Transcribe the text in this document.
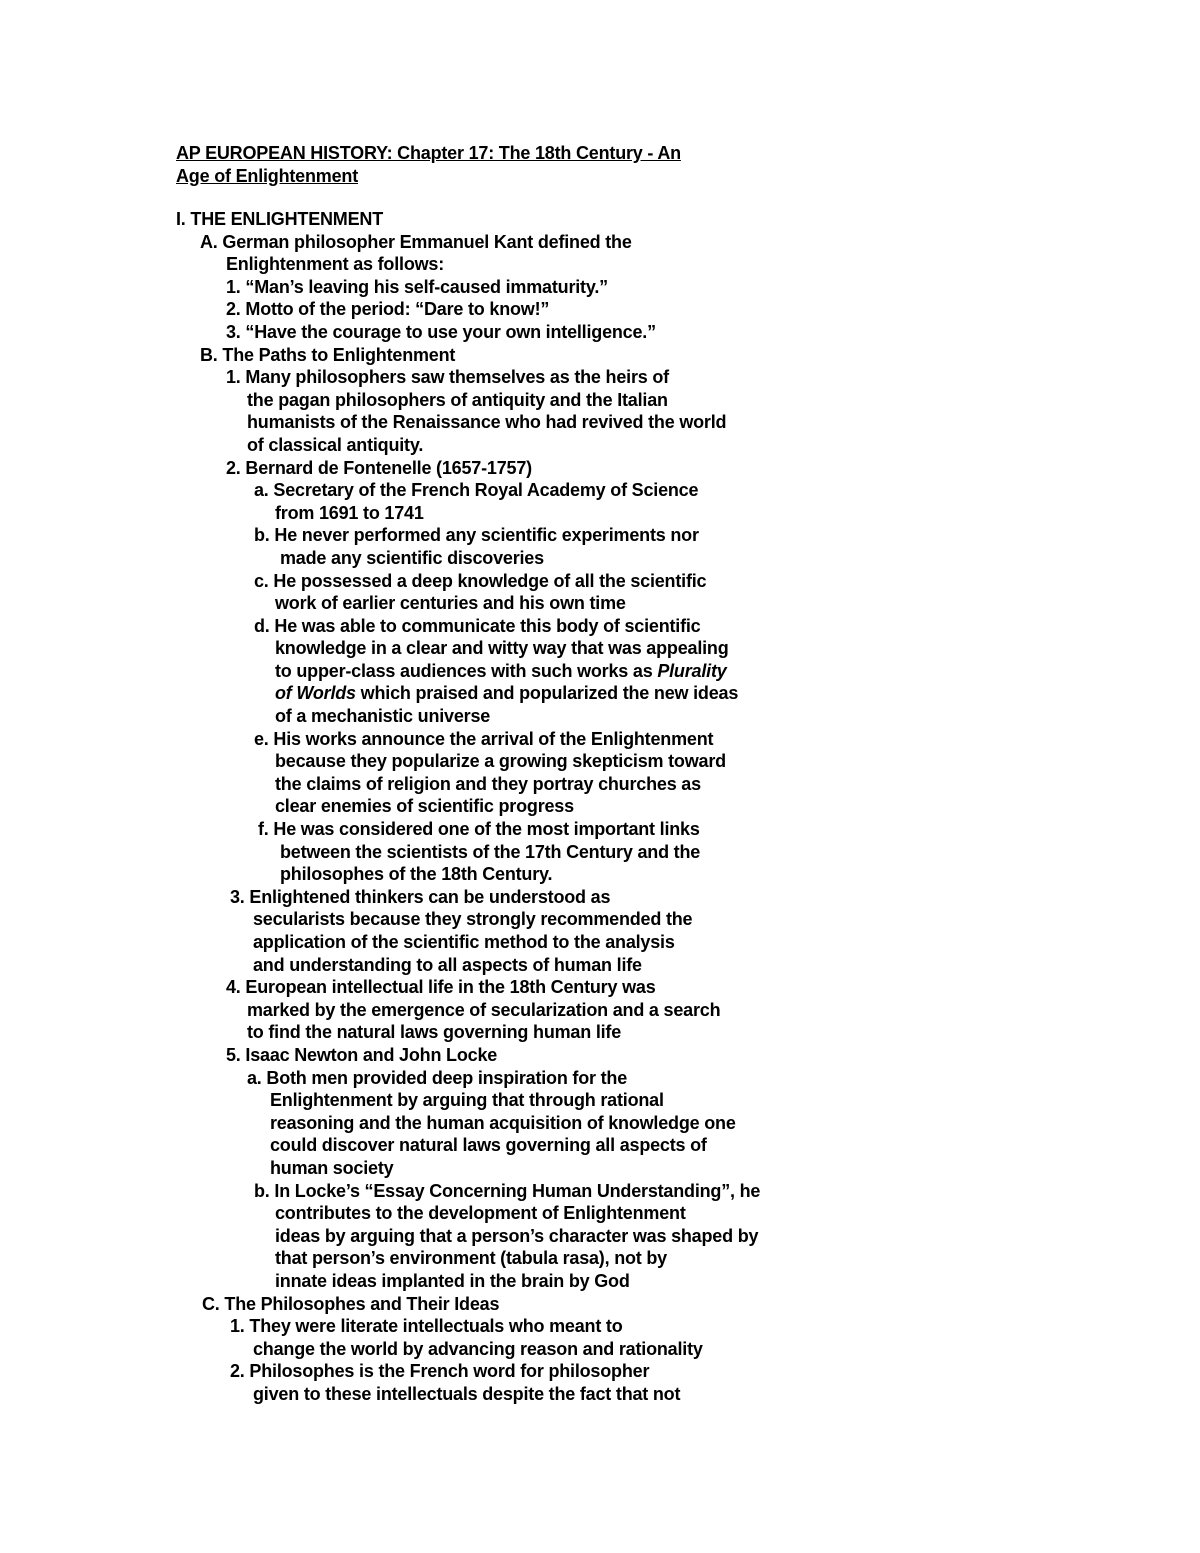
AP EUROPEAN HISTORY: Chapter 17: The 18th Century - An
Age of Enlightenment
I. THE ENLIGHTENMENT
A. German philosopher Emmanuel Kant defined the
Enlightenment as follows:
1. “Man’s leaving his self-caused immaturity.”
2. Motto of the period: “Dare to know!”
3. “Have the courage to use your own intelligence.”
B. The Paths to Enlightenment
1. Many philosophers saw themselves as the heirs of
the pagan philosophers of antiquity and the Italian
humanists of the Renaissance who had revived the world
of classical antiquity.
2. Bernard de Fontenelle (1657-1757)
a. Secretary of the French Royal Academy of Science
from 1691 to 1741
b. He never performed any scientific experiments nor
made any scientific discoveries
c. He possessed a deep knowledge of all the scientific
work of earlier centuries and his own time
d. He was able to communicate this body of scientific
knowledge in a clear and witty way that was appealing
to upper-class audiences with such works as Plurality
of Worlds which praised and popularized the new ideas
of a mechanistic universe
e. His works announce the arrival of the Enlightenment
because they popularize a growing skepticism toward
the claims of religion and they portray churches as
clear enemies of scientific progress
f. He was considered one of the most important links
between the scientists of the 17th Century and the
philosophes of the 18th Century.
3. Enlightened thinkers can be understood as
secularists because they strongly recommended the
application of the scientific method to the analysis
and understanding to all aspects of human life
4. European intellectual life in the 18th Century was
marked by the emergence of secularization and a search
to find the natural laws governing human life
5. Isaac Newton and John Locke
a. Both men provided deep inspiration for the
Enlightenment by arguing that through rational
reasoning and the human acquisition of knowledge one
could discover natural laws governing all aspects of
human society
b. In Locke’s “Essay Concerning Human Understanding”, he
contributes to the development of Enlightenment
ideas by arguing that a person’s character was shaped by
that person’s environment (tabula rasa), not by
innate ideas implanted in the brain by God
C. The Philosophes and Their Ideas
1. They were literate intellectuals who meant to
change the world by advancing reason and rationality
2. Philosophes is the French word for philosopher
given to these intellectuals despite the fact that not
